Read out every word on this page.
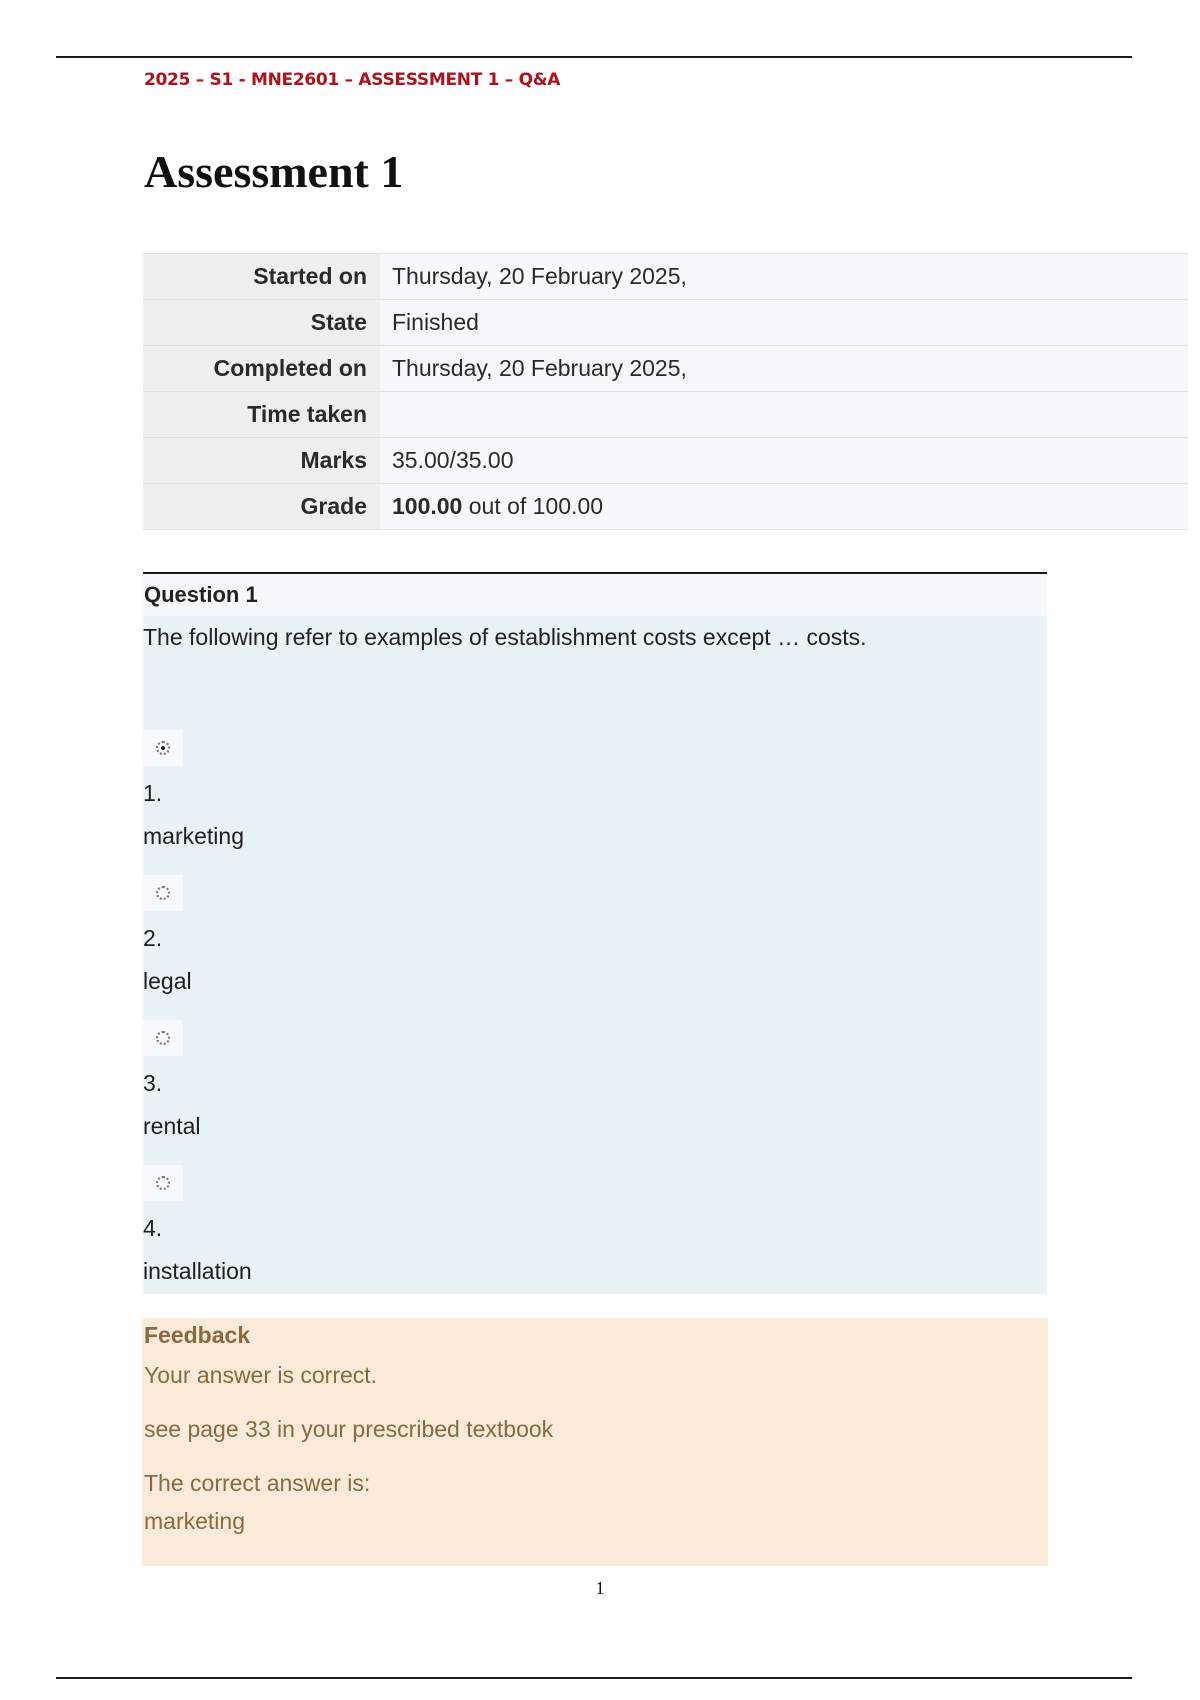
2025 – S1 - MNE2601 – ASSESSMENT 1 – Q&A
Assessment 1
Started on	Thursday, 20 February 2025,
State	Finished
Completed on	Thursday, 20 February 2025,
Time taken	
Marks	35.00/35.00
Grade	100.00 out of 100.00
Question 1
The following refer to examples of establishment costs except … costs.
1.
marketing
2.
legal
3.
rental
4.
installation
Feedback
Your answer is correct.
see page 33 in your prescribed textbook
The correct answer is:
marketing
1
